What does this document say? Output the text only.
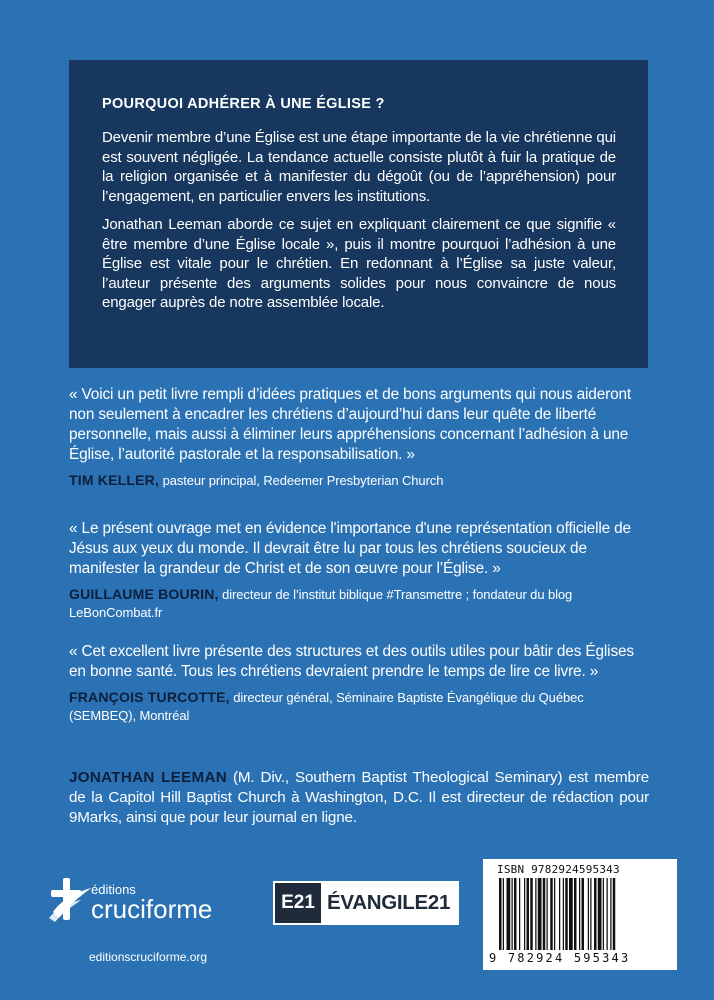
POURQUOI ADHÉRER À UNE ÉGLISE ?

Devenir membre d’une Église est une étape importante de la vie chrétienne qui est souvent négligée. La tendance actuelle consiste plutôt à fuir la pratique de la religion organisée et à manifester du dégoût (ou de l’appréhension) pour l’engagement, en particulier envers les institutions.

Jonathan Leeman aborde ce sujet en expliquant clairement ce que signifie « être membre d’une Église locale », puis il montre pourquoi l’adhésion à une Église est vitale pour le chrétien. En redonnant à l’Église sa juste valeur, l’auteur présente des arguments solides pour nous convaincre de nous engager auprès de notre assemblée locale.

« Voici un petit livre rempli d’idées pratiques et de bons arguments qui nous aideront non seulement à encadrer les chrétiens d’aujourd’hui dans leur quête de liberté personnelle, mais aussi à éliminer leurs appréhensions concernant l’adhésion à une Église, l’autorité pastorale et la responsabilisation. »

TIM KELLER, pasteur principal, Redeemer Presbyterian Church

« Le présent ouvrage met en évidence l'importance d'une représentation officielle de Jésus aux yeux du monde. Il devrait être lu par tous les chrétiens soucieux de manifester la grandeur de Christ et de son œuvre pour l’Église. »

GUILLAUME BOURIN, directeur de l’institut biblique #Transmettre ; fondateur du blog LeBonCombat.fr

« Cet excellent livre présente des structures et des outils utiles pour bâtir des Églises en bonne santé. Tous les chrétiens devraient prendre le temps de lire ce livre. »

FRANÇOIS TURCOTTE, directeur général, Séminaire Baptiste Évangélique du Québec (SEMBEQ), Montréal
JONATHAN LEEMAN (M. Div., Southern Baptist Theological Seminary) est membre de la Capitol Hill Baptist Church à Washington, D.C. Il est directeur de rédaction pour 9Marks, ainsi que pour leur journal en ligne.
éditions
cruciforme
editionscruciforme.org
E21 ÉVANGILE21
ISBN 9782924595343
9 782924 595343
